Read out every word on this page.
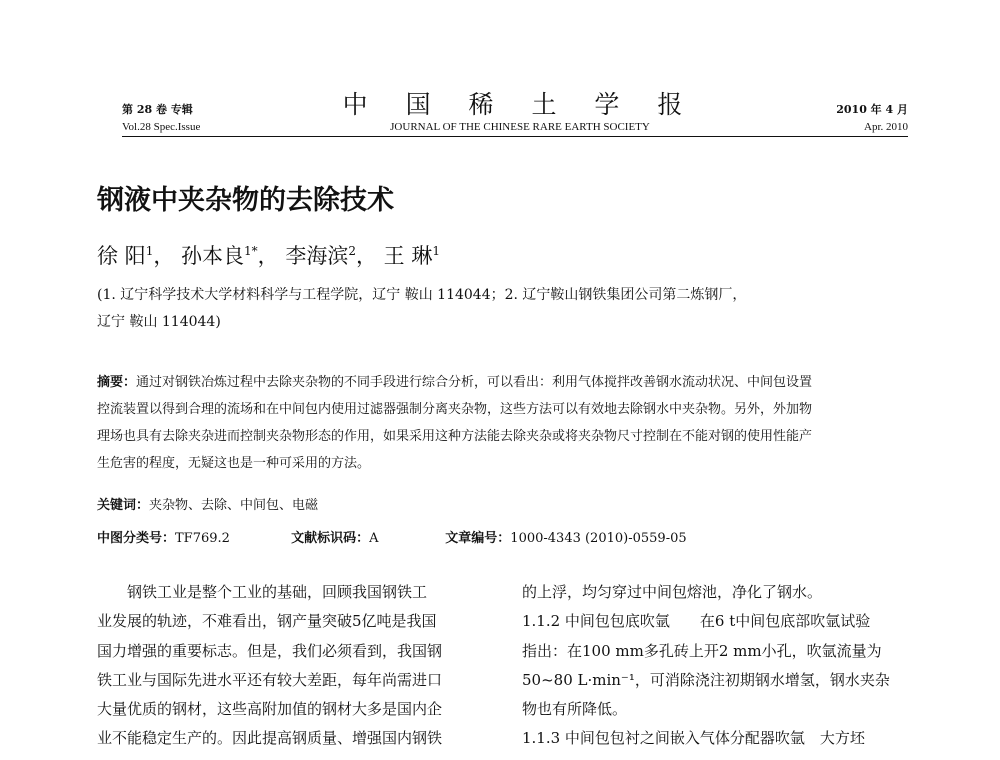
第 28 卷 专辑
Vol.28 Spec.Issue
中 国 稀 土 学 报
JOURNAL OF THE CHINESE RARE EARTH SOCIETY
2010 年 4 月
Apr. 2010
钢液中夹杂物的去除技术
徐 阳$^1$， 孙本良$^{1*}$， 李海滨$^2$， 王 琳$^1$
(1. 辽宁科学技术大学材料科学与工程学院，辽宁 鞍山 114044；2. 辽宁鞍山钢铁集团公司第二炼钢厂，
辽宁 鞍山 114044)
摘要：通过对钢铁冶炼过程中去除夹杂物的不同手段进行综合分析，可以看出：利用气体搅拌改善钢水流动状况、中间包设置
控流装置以得到合理的流场和在中间包内使用过滤器强制分离夹杂物，这些方法可以有效地去除钢水中夹杂物。另外，外加物
理场也具有去除夹杂进而控制夹杂物形态的作用，如果采用这种方法能去除夹杂或将夹杂物尺寸控制在不能对钢的使用性能产
生危害的程度，无疑这也是一种可采用的方法。
关键词：夹杂物、去除、中间包、电磁
中图分类号：TF769.2	文献标识码：A	文章编号：1000-4343 (2010)-0559-05
　　钢铁工业是整个工业的基础，回顾我国钢铁工
业发展的轨迹，不难看出，钢产量突破5亿吨是我国
国力增强的重要标志。但是，我们必须看到，我国钢
铁工业与国际先进水平还有较大差距，每年尚需进口
大量优质的钢材，这些高附加值的钢材大多是国内企
业不能稳定生产的。因此提高钢质量、增强国内钢铁
的上浮，均匀穿过中间包熔池，净化了钢水。
1.1.2 中间包包底吹氩　　在6 t中间包底部吹氩试验
指出：在100 mm多孔砖上开2 mm小孔，吹氩流量为
50~80 L·min⁻¹，可消除浇注初期钢水增氢，钢水夹杂
物也有所降低。
1.1.3 中间包包衬之间嵌入气体分配器吹氩　大方坯
